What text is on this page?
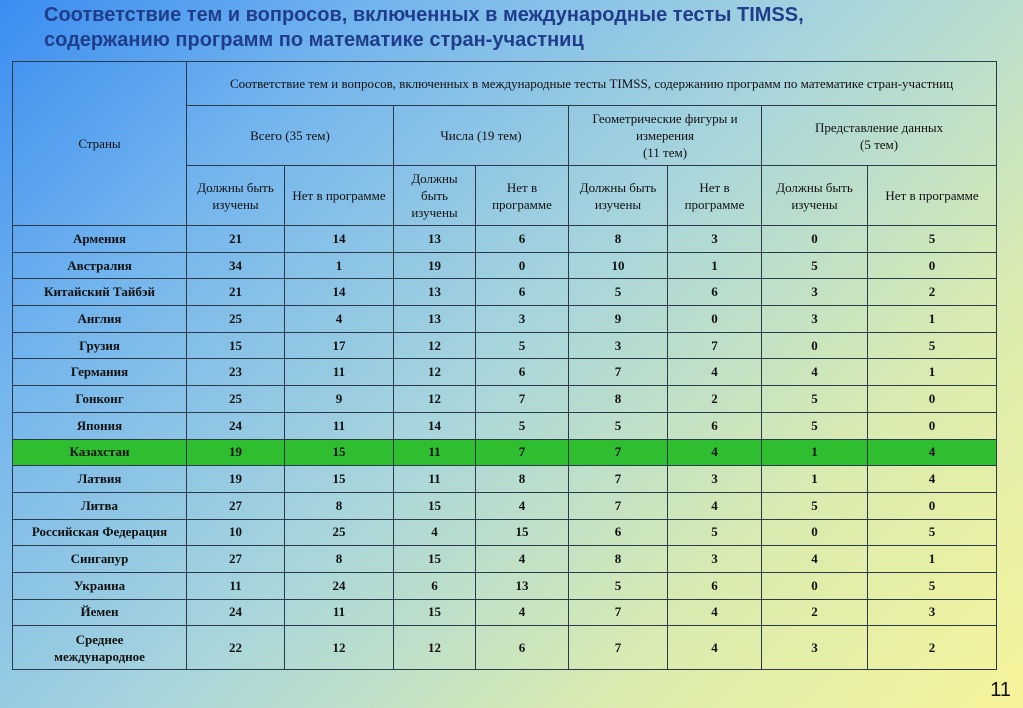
Соответствие тем и вопросов, включенных в международные тесты TIMSS,
содержанию программ по математике стран-участниц
Страны	Соответствие тем и вопросов, включенных в международные тесты TIMSS, содержанию программ по математике стран-участниц							
	Всего (35 тем)		Числа (19 тем)		Геометрические фигуры и измерения
(11 тем)		Представление данных
(5 тем)	
	Должны быть изучены	Нет в программе	Должны быть изучены	Нет в программе	Должны быть изучены	Нет в программе	Должны быть изучены	Нет в программе
Армения	21	14	13	6	8	3	0	5
Австралия	34	1	19	0	10	1	5	0
Китайский Тайбэй	21	14	13	6	5	6	3	2
Англия	25	4	13	3	9	0	3	1
Грузия	15	17	12	5	3	7	0	5
Германия	23	11	12	6	7	4	4	1
Гонконг	25	9	12	7	8	2	5	0
Япония	24	11	14	5	5	6	5	0
Казахстан	19	15	11	7	7	4	1	4
Латвия	19	15	11	8	7	3	1	4
Литва	27	8	15	4	7	4	5	0
Российская Федерация	10	25	4	15	6	5	0	5
Сингапур	27	8	15	4	8	3	4	1
Украина	11	24	6	13	5	6	0	5
Йемен	24	11	15	4	7	4	2	3
Среднее
международное	22	12	12	6	7	4	3	2
11
